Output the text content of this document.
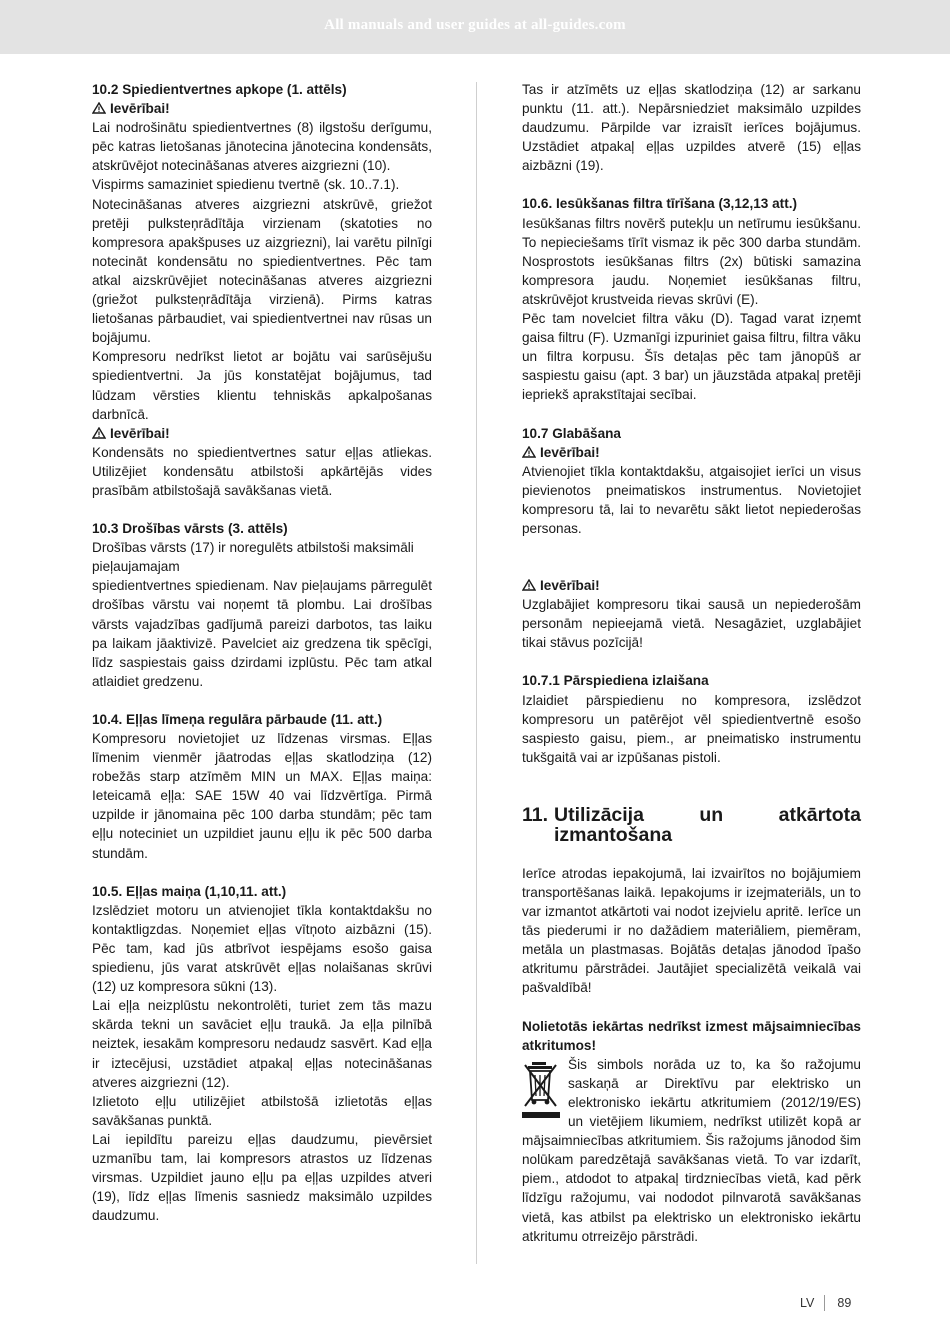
All manuals and user guides at all-guides.com

10.2 Spiedientvertnes apkope (1. attēls)

Ievērībai!

Lai nodrošinātu spiedientvertnes (8) ilgstošu derīgumu, pēc katras lietošanas jānotecina jānotecina kondensāts, atskrūvējot notecināšanas atveres aizgriezni (10).

Vispirms samaziniet spiedienu tvertnē (sk. 10..7.1).

Notecināšanas atveres aizgriezni atskrūvē, griežot pretēji pulksteņrādītāja virzienam (skatoties no kompresora apakšpuses uz aizgriezni), lai varētu pilnīgi notecināt kondensātu no spiedientvertnes. Pēc tam atkal aizskrūvējiet notecināšanas atveres aizgriezni (griežot pulksteņrādītāja virzienā). Pirms katras lietošanas pārbaudiet, vai spiedientvertnei nav rūsas un bojājumu.

Kompresoru nedrīkst lietot ar bojātu vai sarūsējušu spiedientvertni. Ja jūs konstatējat bojājumus, tad lūdzam vērsties klientu tehniskās apkalpošanas darbnīcā.

Ievērībai!

Kondensāts no spiedientvertnes satur eļļas atliekas. Utilizējiet kondensātu atbilstoši apkārtējās vides prasībām atbilstošajā savākšanas vietā.

10.3 Drošības vārsts (3. attēls)

Drošības vārsts (17) ir noregulēts atbilstoši maksimāli pieļaujamajam

spiedientvertnes spiedienam. Nav pieļaujams pārregulēt drošības vārstu vai noņemt tā plombu. Lai drošības vārsts vajadzības gadījumā pareizi darbotos, tas laiku pa laikam jāaktivizē. Pavelciet aiz gredzena tik spēcīgi, līdz saspiestais gaiss dzirdami izplūstu. Pēc tam atkal atlaidiet gredzenu.

10.4. Eļļas līmeņa regulāra pārbaude (11. att.)

Kompresoru novietojiet uz līdzenas virsmas. Eļļas līmenim vienmēr jāatrodas eļļas skatlodziņa (12) robežās starp atzīmēm MIN un MAX. Eļļas maiņa: Ieteicamā eļļa: SAE 15W 40 vai līdzvērtīga. Pirmā uzpilde ir jānomaina pēc 100 darba stundām; pēc tam eļļu noteciniet un uzpildiet jaunu eļļu ik pēc 500 darba stundām.

10.5. Eļļas maiņa (1,10,11. att.)

Izslēdziet motoru un atvienojiet tīkla kontaktdakšu no kontaktligzdas. Noņemiet eļļas vītņoto aizbāzni (15). Pēc tam, kad jūs atbrīvot iespējams esošo gaisa spiedienu, jūs varat atskrūvēt eļļas nolaišanas skrūvi (12) uz kompresora sūkni (13).

Lai eļļa neizplūstu nekontrolēti, turiet zem tās mazu skārda tekni un savāciet eļļu traukā. Ja eļļa pilnībā neiztek, iesakām kompresoru nedaudz sasvērt. Kad eļļa ir iztecējusi, uzstādiet atpakaļ eļļas notecināšanas atveres aizgriezni (12).

Izlietoto eļļu utilizējiet atbilstošā izlietotās eļļas savākšanas punktā.

Lai iepildītu pareizu eļļas daudzumu, pievērsiet uzmanību tam, lai kompresors atrastos uz līdzenas virsmas. Uzpildiet jauno eļļu pa eļļas uzpildes atveri (19), līdz eļļas līmenis sasniedz maksimālo uzpildes daudzumu.

Tas ir atzīmēts uz eļļas skatlodziņa (12) ar sarkanu punktu (11. att.). Nepārsniedziet maksimālo uzpildes daudzumu. Pārpilde var izraisīt ierīces bojājumus. Uzstādiet atpakaļ eļļas uzpildes atverē (15) eļļas aizbāzni (19).

10.6. Iesūkšanas filtra tīrīšana (3,12,13 att.)

Iesūkšanas filtrs novērš putekļu un netīrumu iesūkšanu. To nepieciešams tīrīt vismaz ik pēc 300 darba stundām. Nosprostots iesūkšanas filtrs (2x) būtiski samazina kompresora jaudu. Noņemiet iesūkšanas filtru, atskrūvējot krustveida rievas skrūvi (E).

Pēc tam novelciet filtra vāku (D). Tagad varat izņemt gaisa filtru (F). Uzmanīgi izpuriniet gaisa filtru, filtra vāku un filtra korpusu. Šīs detaļas pēc tam jānopūš ar saspiestu gaisu (apt. 3 bar) un jāuzstāda atpakaļ pretēji iepriekš aprakstītajai secībai.

10.7 Glabāšana

Ievērībai!

Atvienojiet tīkla kontaktdakšu, atgaisojiet ierīci un visus pievienotos pneimatiskos instrumentus. Novietojiet kompresoru tā, lai to nevarētu sākt lietot nepiederošas personas.

Ievērībai!

Uzglabājiet kompresoru tikai sausā un nepiederošām personām nepieejamā vietā. Nesagāziet, uzglabājiet tikai stāvus pozīcijā!

10.7.1 Pārspiediena izlaišana

Izlaidiet pārspiedienu no kompresora, izslēdzot kompresoru un patērējot vēl spiedientvertnē esošo saspiesto gaisu, piem., ar pneimatisko instrumentu tukšgaitā vai ar izpūšanas pistoli.

11. Utilizācija	un	atkārtota
izmantošana

Ierīce atrodas iepakojumā, lai izvairītos no bojājumiem transportēšanas laikā. Iepakojums ir izejmateriāls, un to var izmantot atkārtoti vai nodot izejvielu apritē. Ierīce un tās piederumi ir no dažādiem materiāliem, piemēram, metāla un plastmasas. Bojātās detaļas jānodod īpašo atkritumu pārstrādei. Jautājiet specializētā veikalā vai pašvaldībā!

Nolietotās iekārtas nedrīkst izmest mājsaimniecības atkritumos!

Šis simbols norāda uz to, ka šo ražojumu saskaņā ar Direktīvu par elektrisko un elektronisko iekārtu atkritumiem (2012/19/ES) un vietējiem likumiem, nedrīkst utilizēt kopā ar mājsaimniecības atkritumiem. Šis ražojums jānodod šim nolūkam paredzētajā savākšanas vietā. To var izdarīt, piem., atdodot to atpakaļ tirdzniecības vietā, kad pērk līdzīgu ražojumu, vai nododot pilnvarotā savākšanas vietā, kas atbilst pa elektrisko un elektronisko iekārtu atkritumu otrreizējo pārstrādi.

LV 89
